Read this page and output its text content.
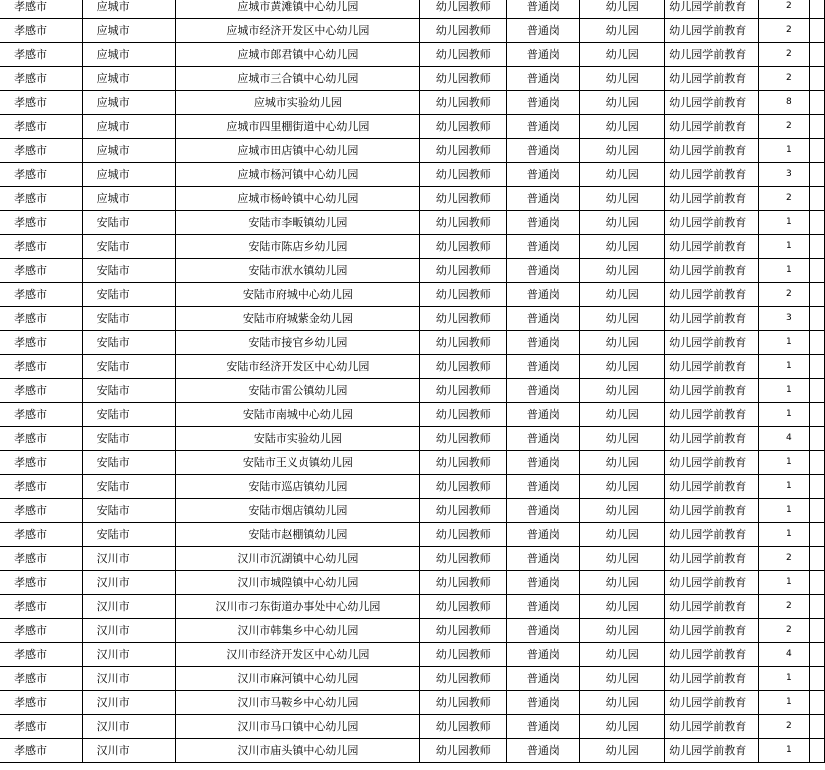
孝感市	应城市	应城市黄滩镇中心幼儿园	幼儿园教师	普通岗	幼儿园	幼儿园学前教育	2	
孝感市	应城市	应城市经济开发区中心幼儿园	幼儿园教师	普通岗	幼儿园	幼儿园学前教育	2	
孝感市	应城市	应城市郎君镇中心幼儿园	幼儿园教师	普通岗	幼儿园	幼儿园学前教育	2	
孝感市	应城市	应城市三合镇中心幼儿园	幼儿园教师	普通岗	幼儿园	幼儿园学前教育	2	
孝感市	应城市	应城市实验幼儿园	幼儿园教师	普通岗	幼儿园	幼儿园学前教育	8	
孝感市	应城市	应城市四里棚街道中心幼儿园	幼儿园教师	普通岗	幼儿园	幼儿园学前教育	2	
孝感市	应城市	应城市田店镇中心幼儿园	幼儿园教师	普通岗	幼儿园	幼儿园学前教育	1	
孝感市	应城市	应城市杨河镇中心幼儿园	幼儿园教师	普通岗	幼儿园	幼儿园学前教育	3	
孝感市	应城市	应城市杨岭镇中心幼儿园	幼儿园教师	普通岗	幼儿园	幼儿园学前教育	2	
孝感市	安陆市	安陆市李畈镇幼儿园	幼儿园教师	普通岗	幼儿园	幼儿园学前教育	1	
孝感市	安陆市	安陆市陈店乡幼儿园	幼儿园教师	普通岗	幼儿园	幼儿园学前教育	1	
孝感市	安陆市	安陆市洑水镇幼儿园	幼儿园教师	普通岗	幼儿园	幼儿园学前教育	1	
孝感市	安陆市	安陆市府城中心幼儿园	幼儿园教师	普通岗	幼儿园	幼儿园学前教育	2	
孝感市	安陆市	安陆市府城紫金幼儿园	幼儿园教师	普通岗	幼儿园	幼儿园学前教育	3	
孝感市	安陆市	安陆市接官乡幼儿园	幼儿园教师	普通岗	幼儿园	幼儿园学前教育	1	
孝感市	安陆市	安陆市经济开发区中心幼儿园	幼儿园教师	普通岗	幼儿园	幼儿园学前教育	1	
孝感市	安陆市	安陆市雷公镇幼儿园	幼儿园教师	普通岗	幼儿园	幼儿园学前教育	1	
孝感市	安陆市	安陆市南城中心幼儿园	幼儿园教师	普通岗	幼儿园	幼儿园学前教育	1	
孝感市	安陆市	安陆市实验幼儿园	幼儿园教师	普通岗	幼儿园	幼儿园学前教育	4	
孝感市	安陆市	安陆市王义贞镇幼儿园	幼儿园教师	普通岗	幼儿园	幼儿园学前教育	1	
孝感市	安陆市	安陆市巡店镇幼儿园	幼儿园教师	普通岗	幼儿园	幼儿园学前教育	1	
孝感市	安陆市	安陆市烟店镇幼儿园	幼儿园教师	普通岗	幼儿园	幼儿园学前教育	1	
孝感市	安陆市	安陆市赵棚镇幼儿园	幼儿园教师	普通岗	幼儿园	幼儿园学前教育	1	
孝感市	汉川市	汉川市沉湖镇中心幼儿园	幼儿园教师	普通岗	幼儿园	幼儿园学前教育	2	
孝感市	汉川市	汉川市城隍镇中心幼儿园	幼儿园教师	普通岗	幼儿园	幼儿园学前教育	1	
孝感市	汉川市	汉川市刁东街道办事处中心幼儿园	幼儿园教师	普通岗	幼儿园	幼儿园学前教育	2	
孝感市	汉川市	汉川市韩集乡中心幼儿园	幼儿园教师	普通岗	幼儿园	幼儿园学前教育	2	
孝感市	汉川市	汉川市经济开发区中心幼儿园	幼儿园教师	普通岗	幼儿园	幼儿园学前教育	4	
孝感市	汉川市	汉川市麻河镇中心幼儿园	幼儿园教师	普通岗	幼儿园	幼儿园学前教育	1	
孝感市	汉川市	汉川市马鞍乡中心幼儿园	幼儿园教师	普通岗	幼儿园	幼儿园学前教育	1	
孝感市	汉川市	汉川市马口镇中心幼儿园	幼儿园教师	普通岗	幼儿园	幼儿园学前教育	2	
孝感市	汉川市	汉川市庙头镇中心幼儿园	幼儿园教师	普通岗	幼儿园	幼儿园学前教育	1	
